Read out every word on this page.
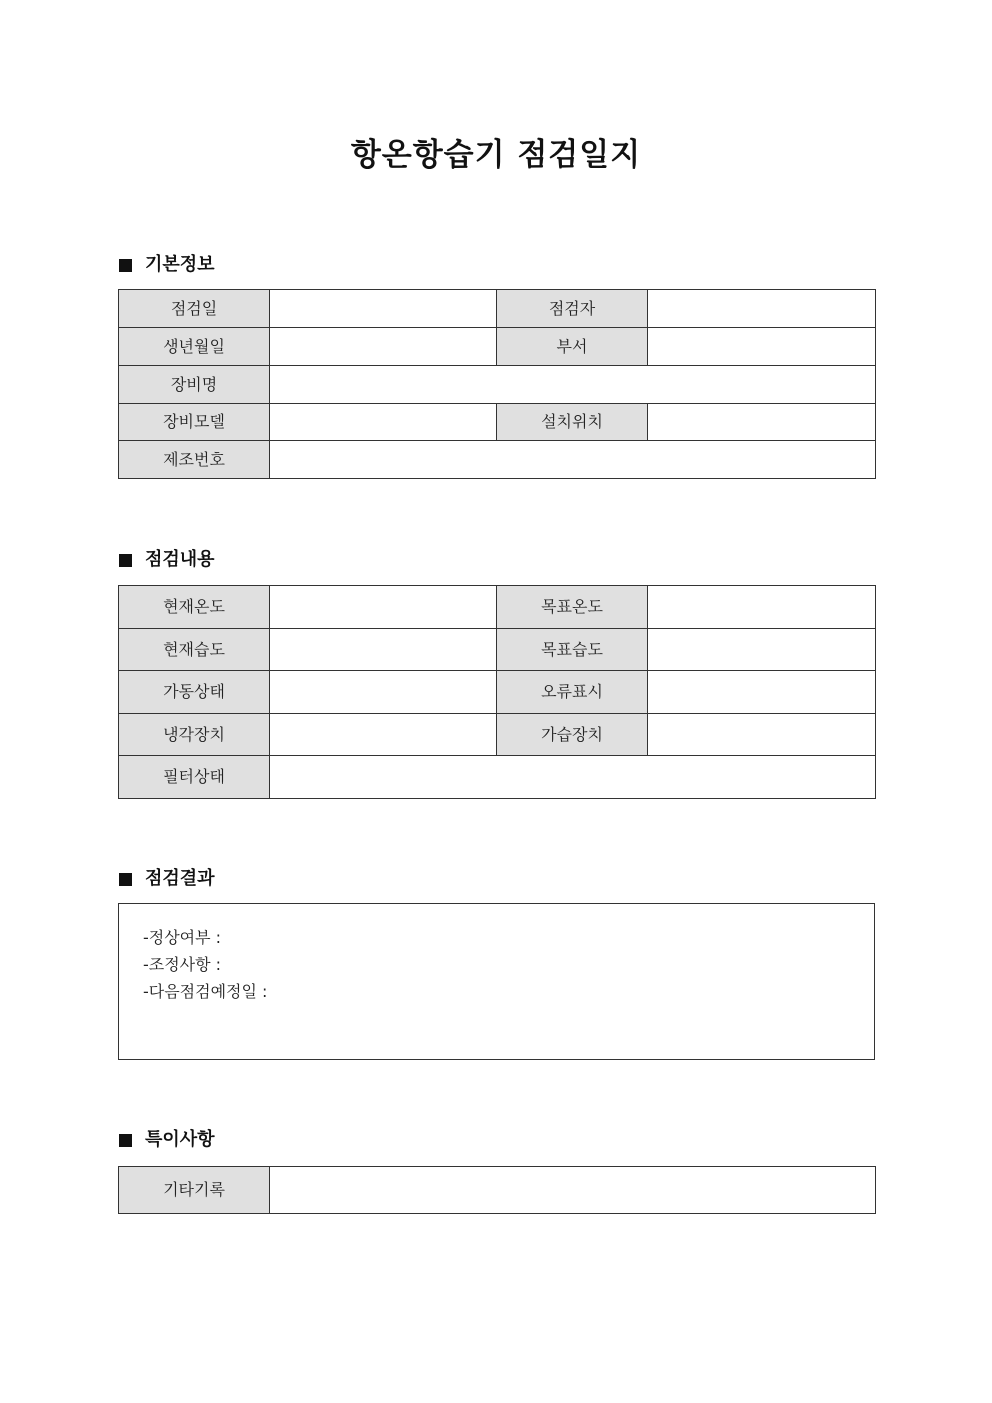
항온항습기 점검일지
기본정보
점검일		점검자	
생년월일		부서	
장비명			
장비모델		설치위치	
제조번호			
점검내용
현재온도		목표온도	
현재습도		목표습도	
가동상태		오류표시	
냉각장치		가습장치	
필터상태			
점검결과
-정상여부 :
-조정사항 :
-다음점검예정일 :
특이사항
기타기록	
